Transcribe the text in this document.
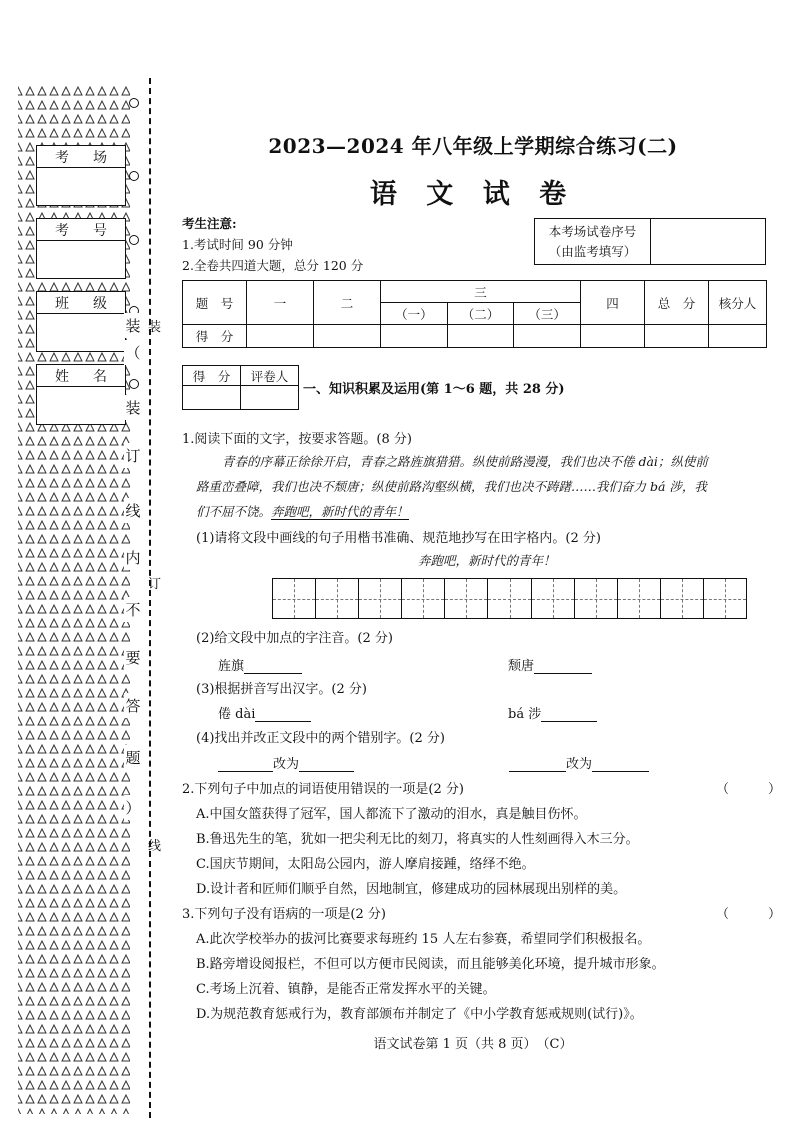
考 场
考 号
班 级
姓 名
装
（
装
订
线
内
不
要
答
题
）
装
订
线
2023—2024 年八年级上学期综合练习(二)
语 文 试 卷
考生注意:
1.考试时间 90 分钟
2.全卷共四道大题，总分 120 分
本考场试卷序号
（由监考填写）
题　号	一	二	三			四	总　分	核分人
			（一）	（二）	（三）			
得　分								
得　分	评卷人

一、知识积累及运用(第 1～6 题，共 28 分)
1.阅读下面的文字，按要求答题。(8 分)
青春的序幕正徐徐开启，青春之路旌旗猎猎。纵使前路漫漫，我们也决不倦 dài；纵使前
路重峦叠障，我们也决不颓唐；纵使前路沟壑纵横，我们也决不踌躇……我们奋力 bá 涉，我
们不屈不饶。奔跑吧，新时代的青年！
(1)请将文段中画线的句子用楷书准确、规范地抄写在田字格内。(2 分)
奔跑吧，新时代的青年！
(2)给文段中加点的字注音。(2 分)
旌旗	颓唐
(3)根据拼音写出汉字。(2 分)
倦 dài	bá 涉
(4)找出并改正文段中的两个错别字。(2 分)
改为	改为
2.下列句子中加点的词语使用错误的一项是(2 分)	（　　　）
A.中国女篮获得了冠军，国人都流下了激动的泪水，真是触目伤怀。
B.鲁迅先生的笔，犹如一把尖利无比的刻刀，将真实的人性刻画得入木三分。
C.国庆节期间，太阳岛公园内，游人摩肩接踵，络绎不绝。
D.设计者和匠师们顺乎自然，因地制宜，修建成功的园林展现出别样的美。
3.下列句子没有语病的一项是(2 分)	（　　　）
A.此次学校举办的拔河比赛要求每班约 15 人左右参赛，希望同学们积极报名。
B.路旁增设阅报栏，不但可以方便市民阅读，而且能够美化环境，提升城市形象。
C.考场上沉着、镇静，是能否正常发挥水平的关键。
D.为规范教育惩戒行为，教育部颁布并制定了《中小学教育惩戒规则(试行)》。
语文试卷第 1 页（共 8 页）　（C）
